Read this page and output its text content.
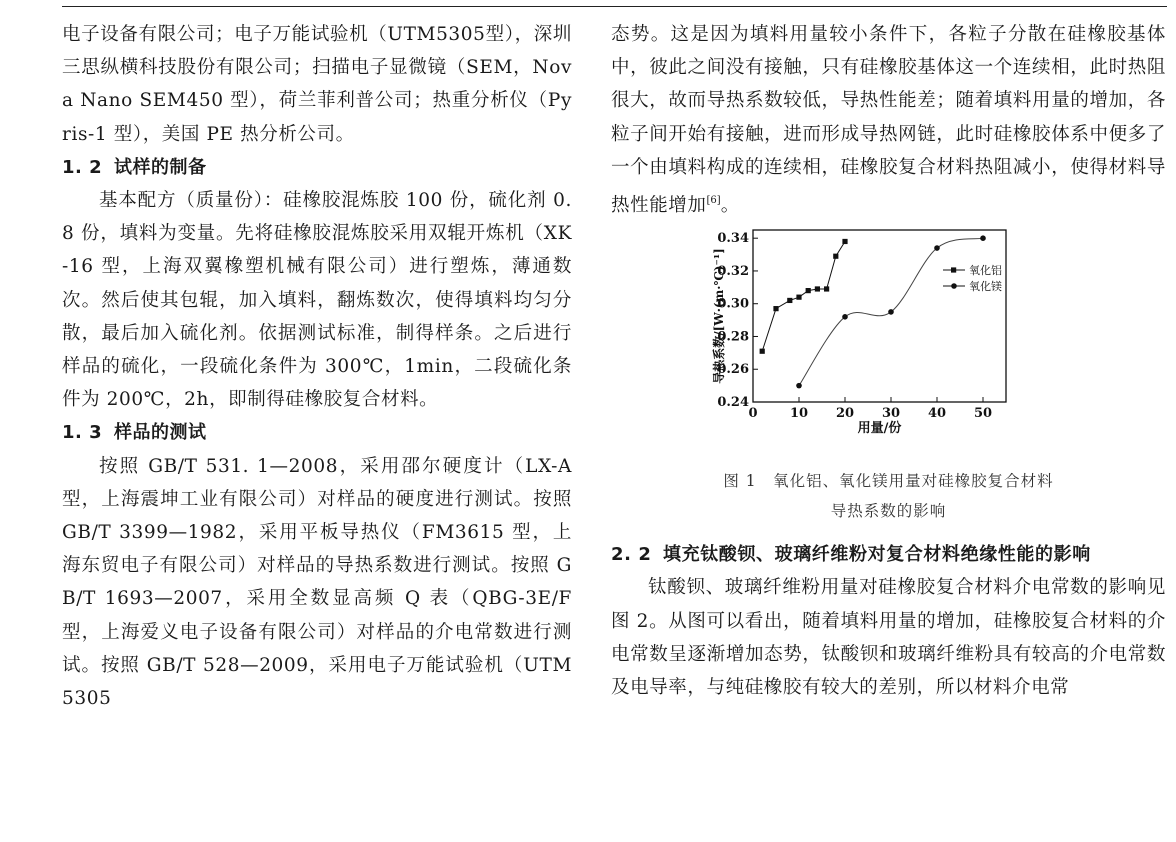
电子设备有限公司；电子万能试验机（UTM5305型），深圳三思纵横科技股份有限公司；扫描电子显微镜（SEM，Nova Nano SEM450 型），荷兰菲利普公司；热重分析仪（Pyris-1 型），美国 PE 热分析公司。

1. 2 试样的制备

基本配方（质量份）：硅橡胶混炼胶 100 份，硫化剂 0. 8 份，填料为变量。先将硅橡胶混炼胶采用双辊开炼机（XK-16 型，上海双翼橡塑机械有限公司）进行塑炼，薄通数次。然后使其包辊，加入填料，翻炼数次，使得填料均匀分散，最后加入硫化剂。依据测试标准，制得样条。之后进行样品的硫化，一段硫化条件为 300℃，1min，二段硫化条件为 200℃，2h，即制得硅橡胶复合材料。

1. 3 样品的测试

按照 GB/T 531. 1—2008，采用邵尔硬度计（LX-A 型，上海震坤工业有限公司）对样品的硬度进行测试。按照 GB/T 3399—1982，采用平板导热仪（FM3615 型，上海东贸电子有限公司）对样品的导热系数进行测试。按照 GB/T 1693—2007，采用全数显高频 Q 表（QBG-3E/F 型，上海爱义电子设备有限公司）对样品的介电常数进行测试。按照 GB/T 528—2009，采用电子万能试验机（UTM5305

态势。这是因为填料用量较小条件下，各粒子分散在硅橡胶基体中，彼此之间没有接触，只有硅橡胶基体这一个连续相，此时热阻很大，故而导热系数较低，导热性能差；随着填料用量的增加，各粒子间开始有接触，进而形成导热网链，此时硅橡胶体系中便多了一个由填料构成的连续相，硅橡胶复合材料热阻减小，使得材料导热性能增加[6]。

0 10 20 30 40 50
0.24
0.26
0.28
0.30
0.32
0.34
用量/份
导热系数/[W·(m·℃)⁻¹]	氧化铝
氧化镁
图 1　氧化铝、氧化镁用量对硅橡胶复合材料
导热系数的影响
2. 2 填充钛酸钡、玻璃纤维粉对复合材料绝缘性能的影响

钛酸钡、玻璃纤维粉用量对硅橡胶复合材料介电常数的影响见图 2。从图可以看出，随着填料用量的增加，硅橡胶复合材料的介电常数呈逐渐增加态势，钛酸钡和玻璃纤维粉具有较高的介电常数及电导率，与纯硅橡胶有较大的差别，所以材料介电常
